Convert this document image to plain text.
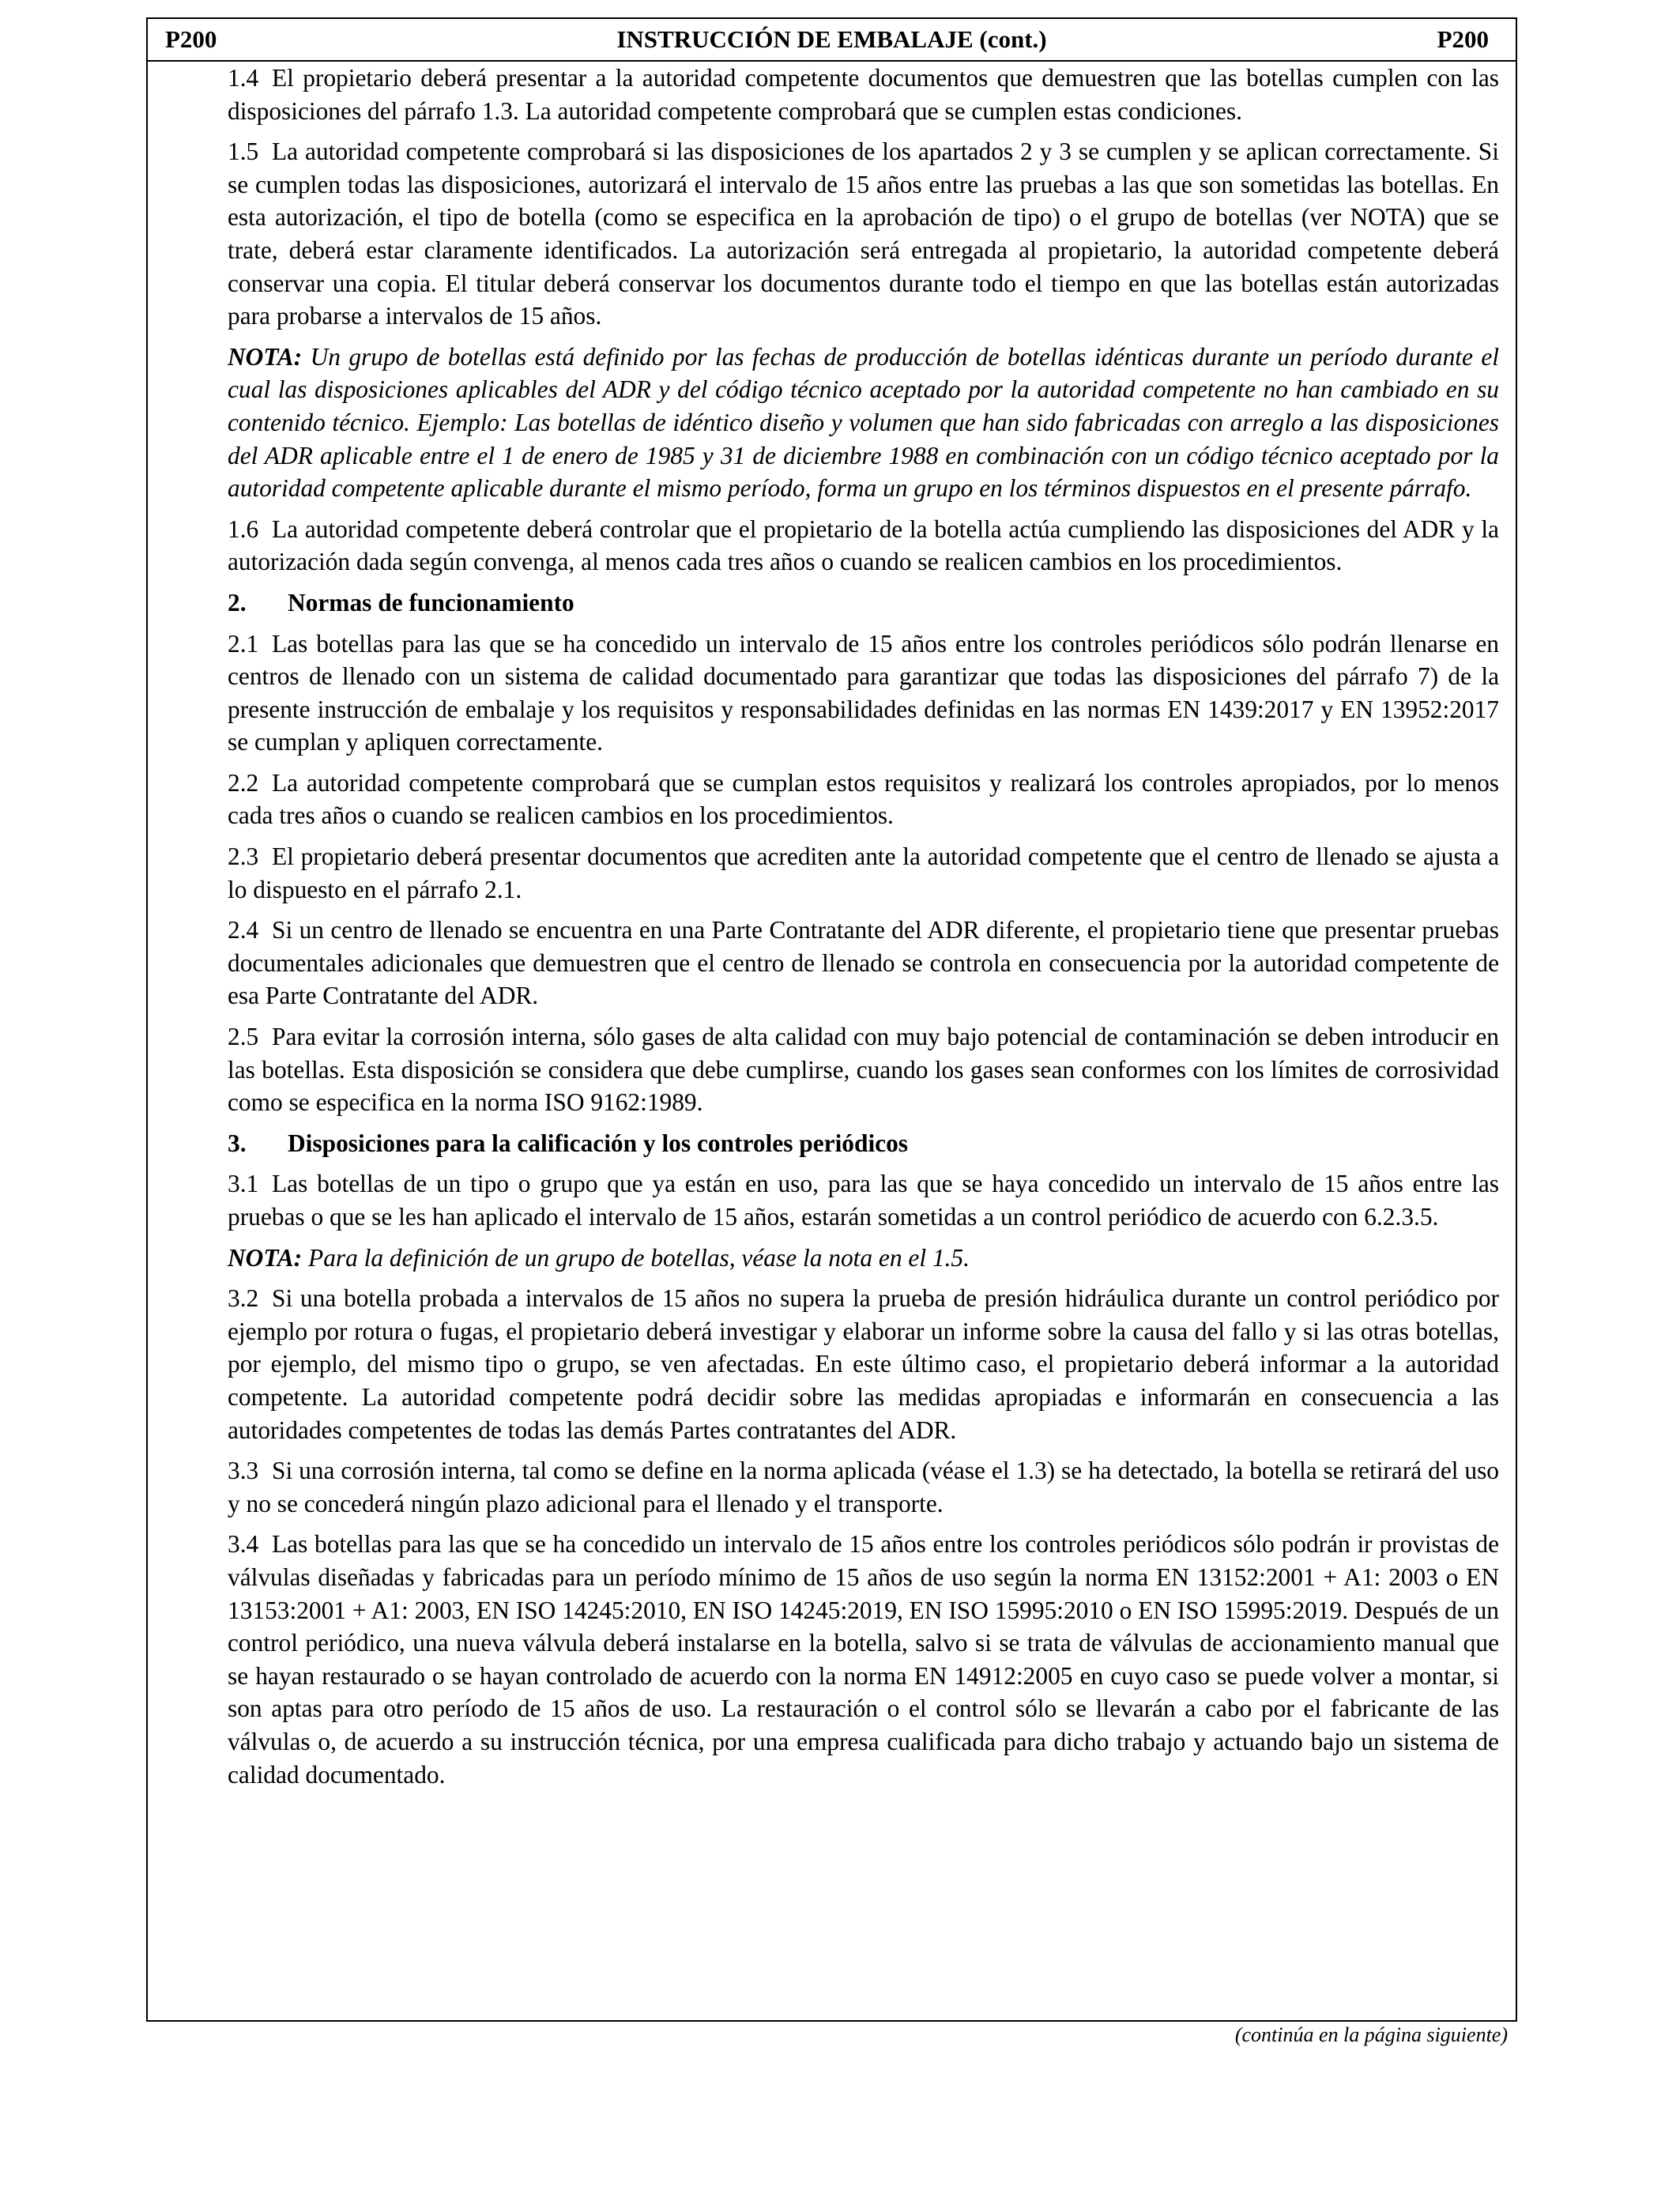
P200	INSTRUCCIÓN DE EMBALAJE (cont.)	P200

1.4 El propietario deberá presentar a la autoridad competente documentos que demuestren que las botellas cumplen con las disposiciones del párrafo 1.3. La autoridad competente comprobará que se cumplen estas condiciones.

1.5 La autoridad competente comprobará si las disposiciones de los apartados 2 y 3 se cumplen y se aplican correctamente. Si se cumplen todas las disposiciones, autorizará el intervalo de 15 años entre las pruebas a las que son sometidas las botellas. En esta autorización, el tipo de botella (como se especifica en la aprobación de tipo) o el grupo de botellas (ver NOTA) que se trate, deberá estar claramente identificados. La autorización será entregada al propietario, la autoridad competente deberá conservar una copia. El titular deberá conservar los documentos durante todo el tiempo en que las botellas están autorizadas para probarse a intervalos de 15 años.

NOTA: Un grupo de botellas está definido por las fechas de producción de botellas idénticas durante un período durante el cual las disposiciones aplicables del ADR y del código técnico aceptado por la autoridad competente no han cambiado en su contenido técnico. Ejemplo: Las botellas de idéntico diseño y volumen que han sido fabricadas con arreglo a las disposiciones del ADR aplicable entre el 1 de enero de 1985 y 31 de diciembre 1988 en combinación con un código técnico aceptado por la autoridad competente aplicable durante el mismo período, forma un grupo en los términos dispuestos en el presente párrafo.

1.6 La autoridad competente deberá controlar que el propietario de la botella actúa cumpliendo las disposiciones del ADR y la autorización dada según convenga, al menos cada tres años o cuando se realicen cambios en los procedimientos.

2. Normas de funcionamiento

2.1 Las botellas para las que se ha concedido un intervalo de 15 años entre los controles periódicos sólo podrán llenarse en centros de llenado con un sistema de calidad documentado para garantizar que todas las disposiciones del párrafo 7) de la presente instrucción de embalaje y los requisitos y responsabilidades definidas en las normas EN 1439:2017 y EN 13952:2017 se cumplan y apliquen correctamente.

2.2 La autoridad competente comprobará que se cumplan estos requisitos y realizará los controles apropiados, por lo menos cada tres años o cuando se realicen cambios en los procedimientos.

2.3 El propietario deberá presentar documentos que acrediten ante la autoridad competente que el centro de llenado se ajusta a lo dispuesto en el párrafo 2.1.

2.4 Si un centro de llenado se encuentra en una Parte Contratante del ADR diferente, el propietario tiene que presentar pruebas documentales adicionales que demuestren que el centro de llenado se controla en consecuencia por la autoridad competente de esa Parte Contratante del ADR.

2.5 Para evitar la corrosión interna, sólo gases de alta calidad con muy bajo potencial de contaminación se deben introducir en las botellas. Esta disposición se considera que debe cumplirse, cuando los gases sean conformes con los límites de corrosividad como se especifica en la norma ISO 9162:1989.

3. Disposiciones para la calificación y los controles periódicos

3.1 Las botellas de un tipo o grupo que ya están en uso, para las que se haya concedido un intervalo de 15 años entre las pruebas o que se les han aplicado el intervalo de 15 años, estarán sometidas a un control periódico de acuerdo con 6.2.3.5.

NOTA: Para la definición de un grupo de botellas, véase la nota en el 1.5.

3.2 Si una botella probada a intervalos de 15 años no supera la prueba de presión hidráulica durante un control periódico por ejemplo por rotura o fugas, el propietario deberá investigar y elaborar un informe sobre la causa del fallo y si las otras botellas, por ejemplo, del mismo tipo o grupo, se ven afectadas. En este último caso, el propietario deberá informar a la autoridad competente. La autoridad competente podrá decidir sobre las medidas apropiadas e informarán en consecuencia a las autoridades competentes de todas las demás Partes contratantes del ADR.

3.3 Si una corrosión interna, tal como se define en la norma aplicada (véase el 1.3) se ha detectado, la botella se retirará del uso y no se concederá ningún plazo adicional para el llenado y el transporte.

3.4 Las botellas para las que se ha concedido un intervalo de 15 años entre los controles periódicos sólo podrán ir provistas de válvulas diseñadas y fabricadas para un período mínimo de 15 años de uso según la norma EN 13152:2001 + A1: 2003 o EN 13153:2001 + A1: 2003, EN ISO 14245:2010, EN ISO 14245:2019, EN ISO 15995:2010 o EN ISO 15995:2019. Después de un control periódico, una nueva válvula deberá instalarse en la botella, salvo si se trata de válvulas de accionamiento manual que se hayan restaurado o se hayan controlado de acuerdo con la norma EN 14912:2005 en cuyo caso se puede volver a montar, si son aptas para otro período de 15 años de uso. La restauración o el control sólo se llevarán a cabo por el fabricante de las válvulas o, de acuerdo a su instrucción técnica, por una empresa cualificada para dicho trabajo y actuando bajo un sistema de calidad documentado.

(continúa en la página siguiente)
